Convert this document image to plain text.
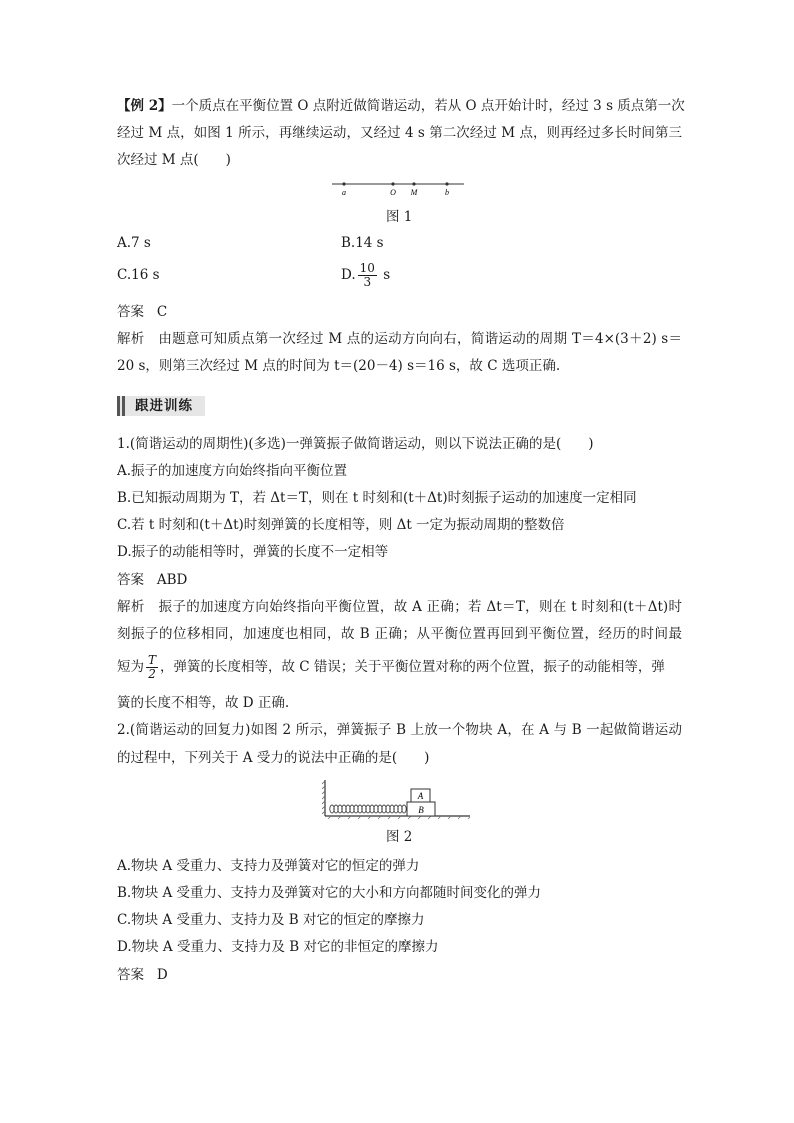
【例 2】一个质点在平衡位置 O 点附近做简谐运动，若从 O 点开始计时，经过 3 s 质点第一次
经过 M 点，如图 1 所示，再继续运动，又经过 4 s 第二次经过 M 点，则再经过多长时间第三
次经过 M 点(　　)
a	O M	b
图 1
A.7 s	B.14 s
C.16 s	D. $\frac{10}{3}$ s
答案 C
解析 由题意可知质点第一次经过 M 点的运动方向向右，简谐运动的周期 T＝4×(3＋2) s＝
20 s，则第三次经过 M 点的时间为 t＝(20－4) s＝16 s，故 C 选项正确.
跟进训练
1.(简谐运动的周期性)(多选)一弹簧振子做简谐运动，则以下说法正确的是(　　)
A.振子的加速度方向始终指向平衡位置
B.已知振动周期为 T，若 Δt＝T，则在 t 时刻和(t＋Δt)时刻振子运动的加速度一定相同
C.若 t 时刻和(t＋Δt)时刻弹簧的长度相等，则 Δt 一定为振动周期的整数倍
D.振子的动能相等时，弹簧的长度不一定相等
答案 ABD
解析 振子的加速度方向始终指向平衡位置，故 A 正确；若 Δt＝T，则在 t 时刻和(t＋Δt)时
刻振子的位移相同，加速度也相同，故 B 正确；从平衡位置再回到平衡位置，经历的时间最
短为 $\frac{T}{2}$ ，弹簧的长度相等，故 C 错误；关于平衡位置对称的两个位置，振子的动能相等，弹
簧的长度不相等，故 D 正确.
2.(简谐运动的回复力)如图 2 所示，弹簧振子 B 上放一个物块 A，在 A 与 B 一起做简谐运动
的过程中，下列关于 A 受力的说法中正确的是(　　)
A
B
图 2
A.物块 A 受重力、支持力及弹簧对它的恒定的弹力
B.物块 A 受重力、支持力及弹簧对它的大小和方向都随时间变化的弹力
C.物块 A 受重力、支持力及 B 对它的恒定的摩擦力
D.物块 A 受重力、支持力及 B 对它的非恒定的摩擦力
答案 D
